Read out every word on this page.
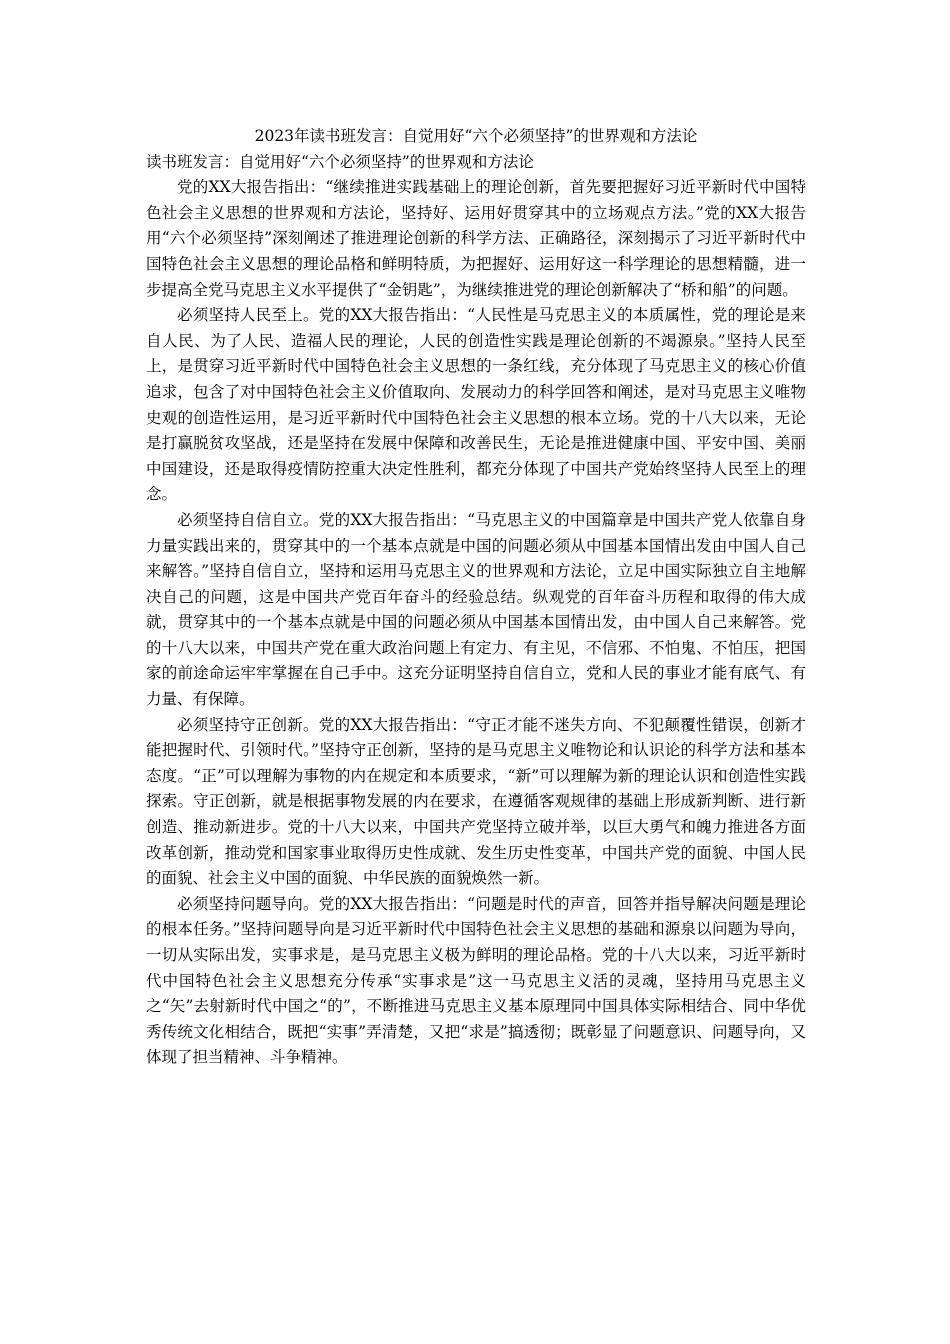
2023年读书班发言：自觉用好“六个必须坚持”的世界观和方法论

读书班发言：自觉用好“六个必须坚持”的世界观和方法论

党的XX大报告指出：“继续推进实践基础上的理论创新，首先要把握好习近平新时代中国特色社会主义思想的世界观和方法论，坚持好、运用好贯穿其中的立场观点方法。”党的XX大报告用“六个必须坚持”深刻阐述了推进理论创新的科学方法、正确路径，深刻揭示了习近平新时代中国特色社会主义思想的理论品格和鲜明特质，为把握好、运用好这一科学理论的思想精髓，进一步提高全党马克思主义水平提供了“金钥匙”，为继续推进党的理论创新解决了“桥和船”的问题。

必须坚持人民至上。党的XX大报告指出：“人民性是马克思主义的本质属性，党的理论是来自人民、为了人民、造福人民的理论，人民的创造性实践是理论创新的不竭源泉。”坚持人民至上，是贯穿习近平新时代中国特色社会主义思想的一条红线，充分体现了马克思主义的核心价值追求，包含了对中国特色社会主义价值取向、发展动力的科学回答和阐述，是对马克思主义唯物史观的创造性运用，是习近平新时代中国特色社会主义思想的根本立场。党的十八大以来，无论是打赢脱贫攻坚战，还是坚持在发展中保障和改善民生，无论是推进健康中国、平安中国、美丽中国建设，还是取得疫情防控重大决定性胜利，都充分体现了中国共产党始终坚持人民至上的理念。

必须坚持自信自立。党的XX大报告指出：“马克思主义的中国篇章是中国共产党人依靠自身力量实践出来的，贯穿其中的一个基本点就是中国的问题必须从中国基本国情出发由中国人自己来解答。”坚持自信自立，坚持和运用马克思主义的世界观和方法论，立足中国实际独立自主地解决自己的问题，这是中国共产党百年奋斗的经验总结。纵观党的百年奋斗历程和取得的伟大成就，贯穿其中的一个基本点就是中国的问题必须从中国基本国情出发，由中国人自己来解答。党的十八大以来，中国共产党在重大政治问题上有定力、有主见，不信邪、不怕鬼、不怕压，把国家的前途命运牢牢掌握在自己手中。这充分证明坚持自信自立，党和人民的事业才能有底气、有力量、有保障。

必须坚持守正创新。党的XX大报告指出：“守正才能不迷失方向、不犯颠覆性错误，创新才能把握时代、引领时代。”坚持守正创新，坚持的是马克思主义唯物论和认识论的科学方法和基本态度。“正”可以理解为事物的内在规定和本质要求，“新”可以理解为新的理论认识和创造性实践探索。守正创新，就是根据事物发展的内在要求，在遵循客观规律的基础上形成新判断、进行新创造、推动新进步。党的十八大以来，中国共产党坚持立破并举，以巨大勇气和魄力推进各方面改革创新，推动党和国家事业取得历史性成就、发生历史性变革，中国共产党的面貌、中国人民的面貌、社会主义中国的面貌、中华民族的面貌焕然一新。

必须坚持问题导向。党的XX大报告指出：“问题是时代的声音，回答并指导解决问题是理论的根本任务。”坚持问题导向是习近平新时代中国特色社会主义思想的基础和源泉以问题为导向，一切从实际出发，实事求是，是马克思主义极为鲜明的理论品格。党的十八大以来，习近平新时代中国特色社会主义思想充分传承“实事求是”这一马克思主义活的灵魂，坚持用马克思主义之“矢”去射新时代中国之“的”，不断推进马克思主义基本原理同中国具体实际相结合、同中华优秀传统文化相结合，既把“实事”弄清楚，又把“求是”搞透彻；既彰显了问题意识、问题导向，又体现了担当精神、斗争精神。
